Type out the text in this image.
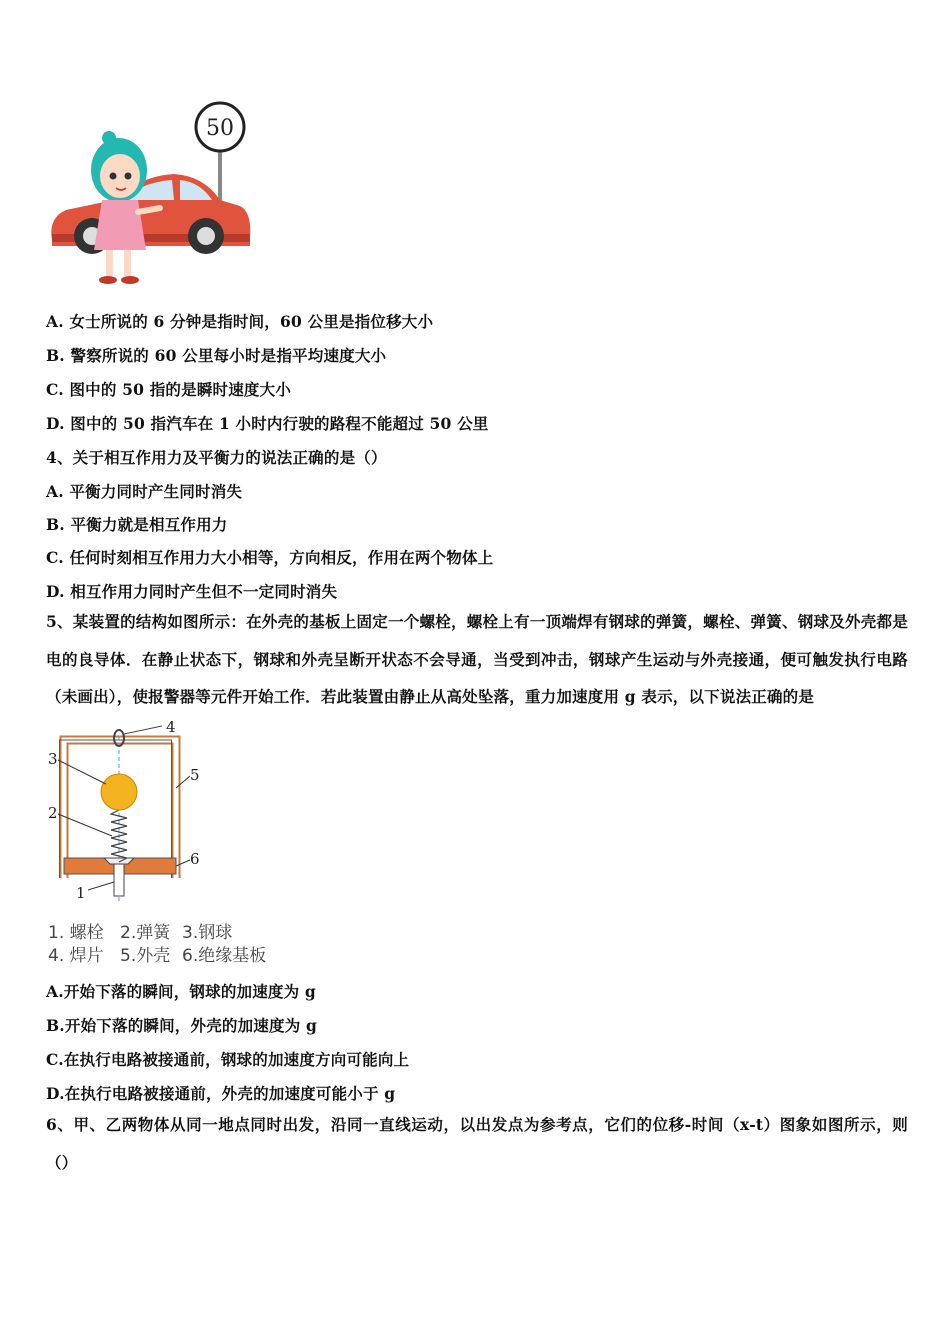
50
A. 女士所说的 6 分钟是指时间，60 公里是指位移大小
B. 警察所说的 60 公里每小时是指平均速度大小
C. 图中的 50 指的是瞬时速度大小
D. 图中的 50 指汽车在 1 小时内行驶的路程不能超过 50 公里
4、关于相互作用力及平衡力的说法正确的是（）
A. 平衡力同时产生同时消失
B. 平衡力就是相互作用力
C. 任何时刻相互作用力大小相等，方向相反，作用在两个物体上
D. 相互作用力同时产生但不一定同时消失
5、某装置的结构如图所示：在外壳的基板上固定一个螺栓，螺栓上有一顶端焊有钢球的弹簧，螺栓、弹簧、钢球及外壳都是电的良导体．在静止状态下，钢球和外壳呈断开状态不会导通，当受到冲击，钢球产生运动与外壳接通，便可触发执行电路（未画出），使报警器等元件开始工作．若此装置由静止从高处坠落，重力加速度用 g 表示，以下说法正确的是
4
3
5
2
6
1
1. 螺栓 2.弹簧 3.钢球
4. 焊片 5.外壳 6.绝缘基板
A.开始下落的瞬间，钢球的加速度为 g
B.开始下落的瞬间，外壳的加速度为 g
C.在执行电路被接通前，钢球的加速度方向可能向上
D.在执行电路被接通前，外壳的加速度可能小于 g
6、甲、乙两物体从同一地点同时出发，沿同一直线运动，以出发点为参考点，它们的位移-时间（x-t）图象如图所示，则（）
